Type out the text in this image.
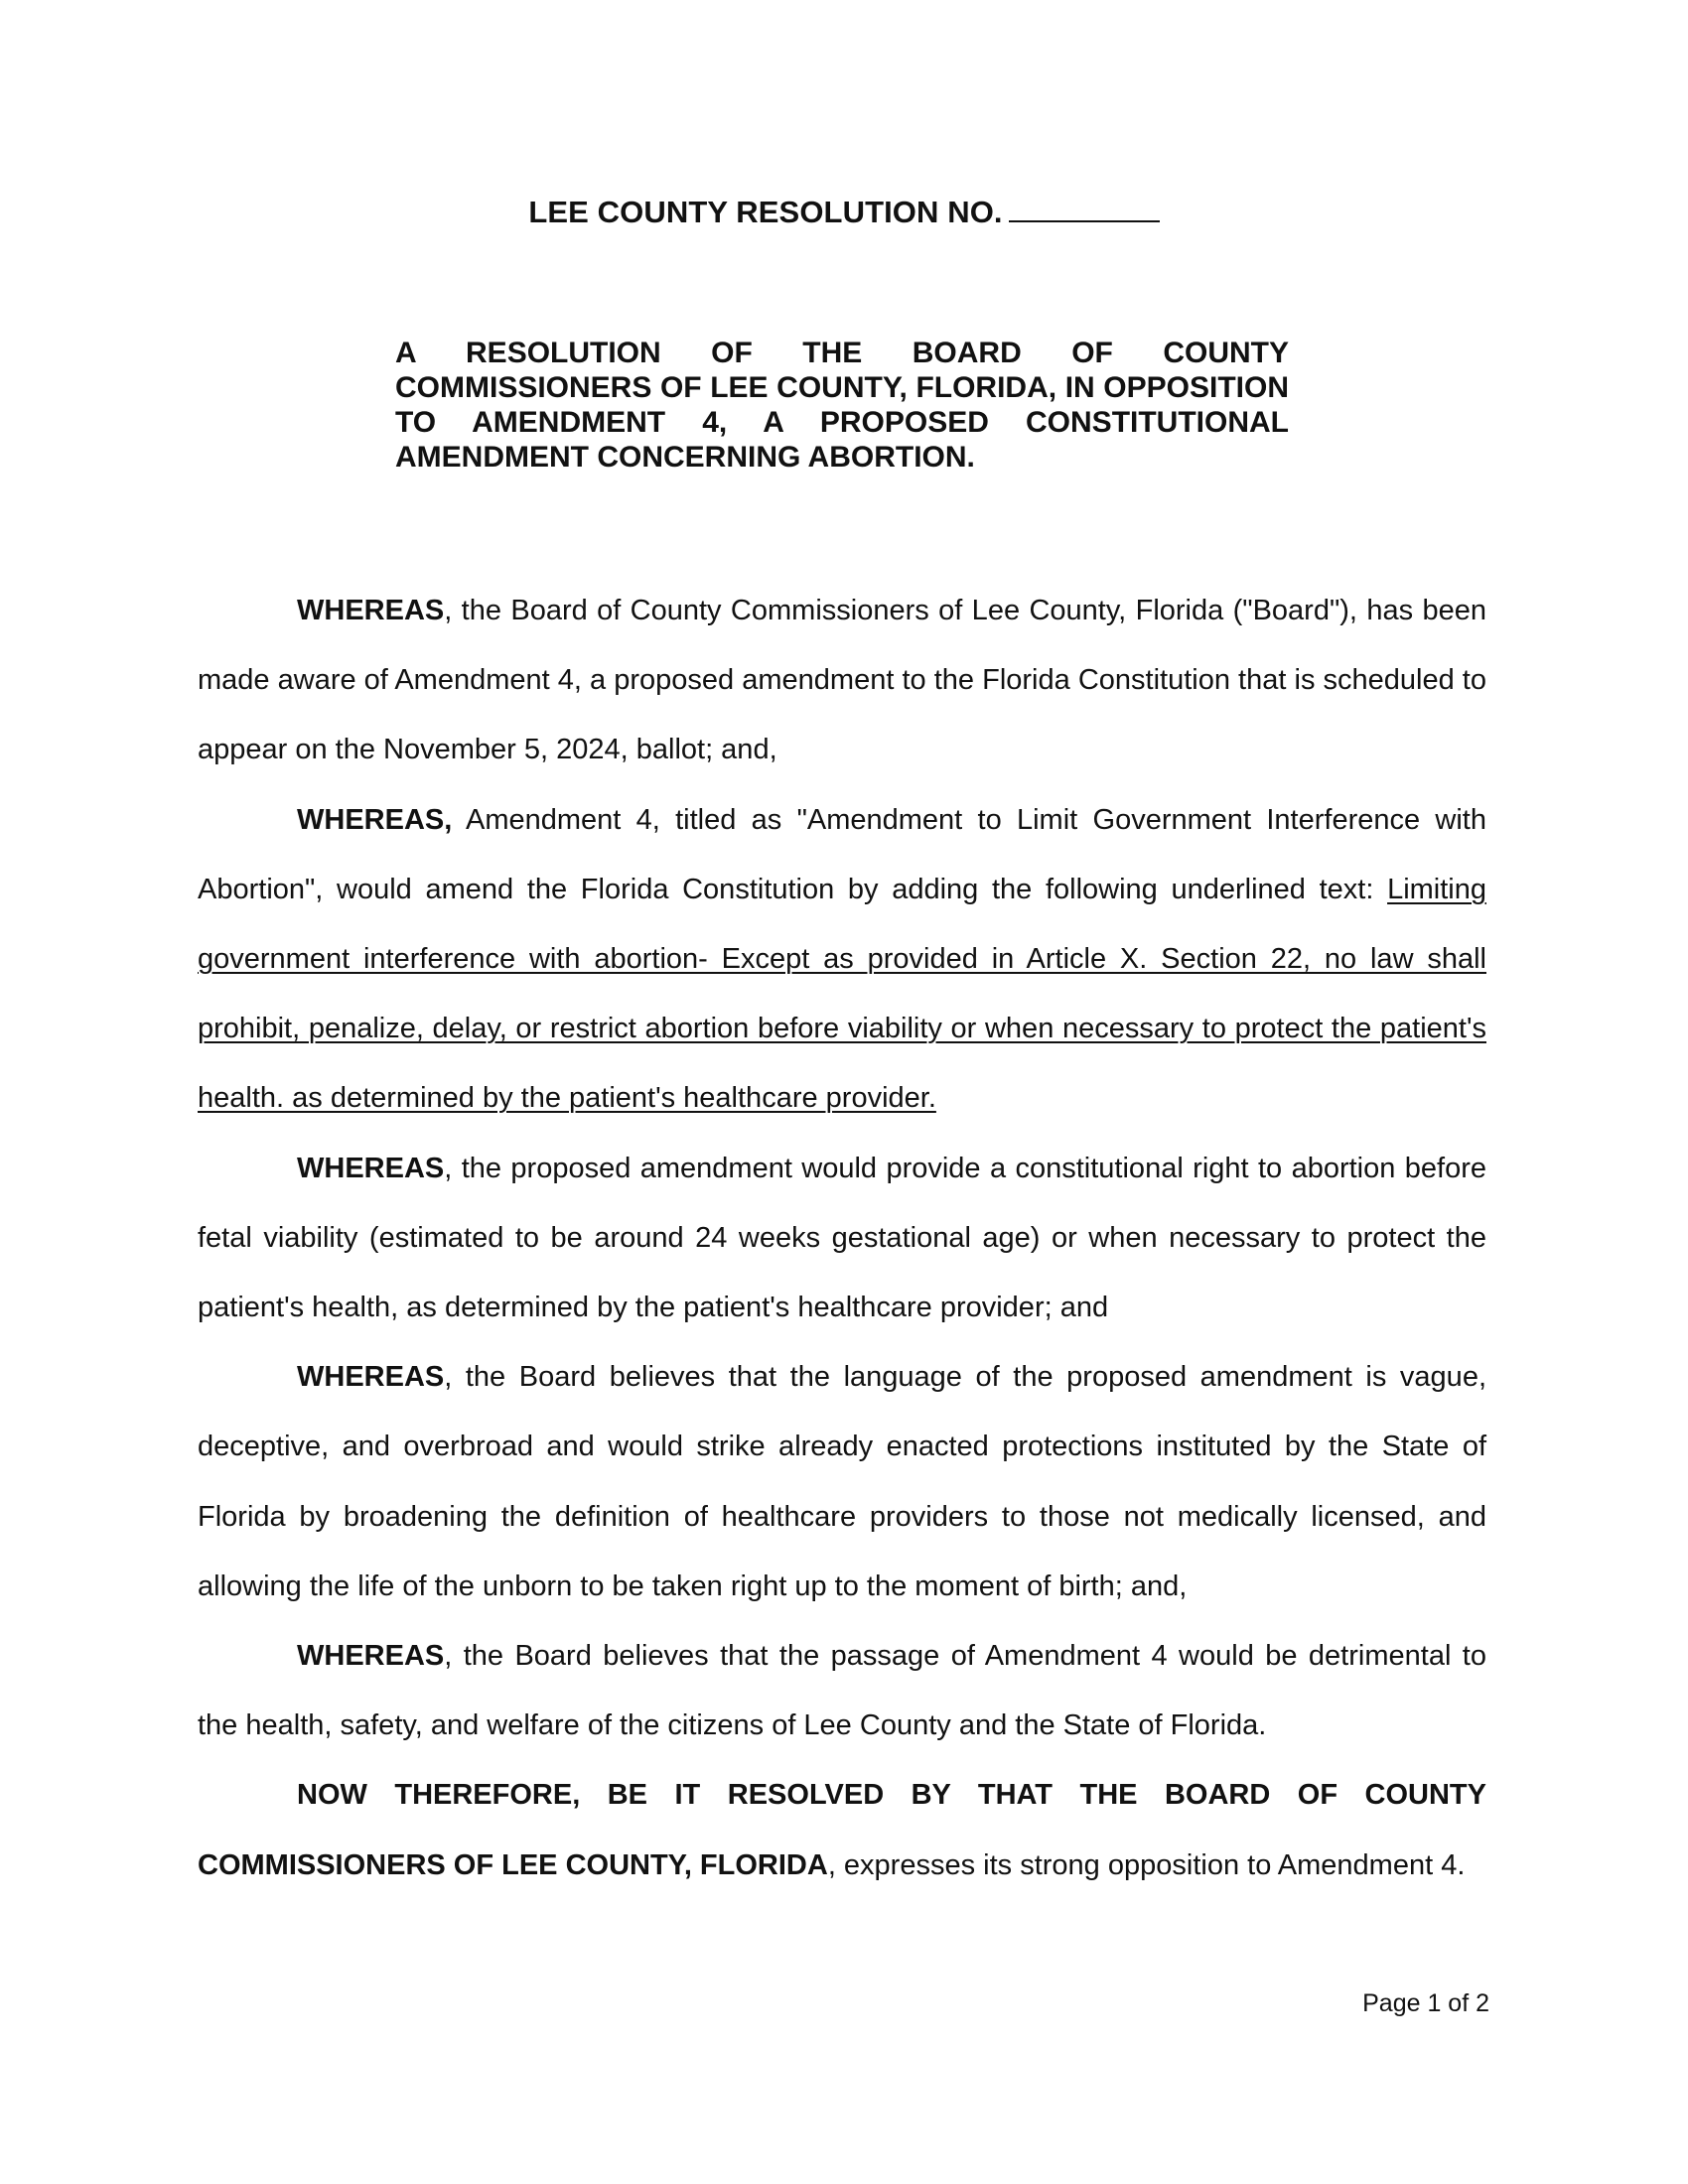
LEE COUNTY RESOLUTION NO.
A RESOLUTION OF THE BOARD OF COUNTY COMMISSIONERS OF LEE COUNTY, FLORIDA, IN OPPOSITION TO AMENDMENT 4, A PROPOSED CONSTITUTIONAL AMENDMENT CONCERNING ABORTION.

WHEREAS, the Board of County Commissioners of Lee County, Florida ("Board"), has been made aware of Amendment 4, a proposed amendment to the Florida Constitution that is scheduled to appear on the November 5, 2024, ballot; and,

WHEREAS, Amendment 4, titled as "Amendment to Limit Government Interference with Abortion", would amend the Florida Constitution by adding the following underlined text: Limiting government interference with abortion- Except as provided in Article X. Section 22, no law shall prohibit, penalize, delay, or restrict abortion before viability or when necessary to protect the patient's health. as determined by the patient's healthcare provider.

WHEREAS, the proposed amendment would provide a constitutional right to abortion before fetal viability (estimated to be around 24 weeks gestational age) or when necessary to protect the patient's health, as determined by the patient's healthcare provider; and

WHEREAS, the Board believes that the language of the proposed amendment is vague, deceptive, and overbroad and would strike already enacted protections instituted by the State of Florida by broadening the definition of healthcare providers to those not medically licensed, and allowing the life of the unborn to be taken right up to the moment of birth; and,

WHEREAS, the Board believes that the passage of Amendment 4 would be detrimental to the health, safety, and welfare of the citizens of Lee County and the State of Florida.

NOW THEREFORE, BE IT RESOLVED BY THAT THE BOARD OF COUNTY COMMISSIONERS OF LEE COUNTY, FLORIDA, expresses its strong opposition to Amendment 4.

Page 1 of 2
